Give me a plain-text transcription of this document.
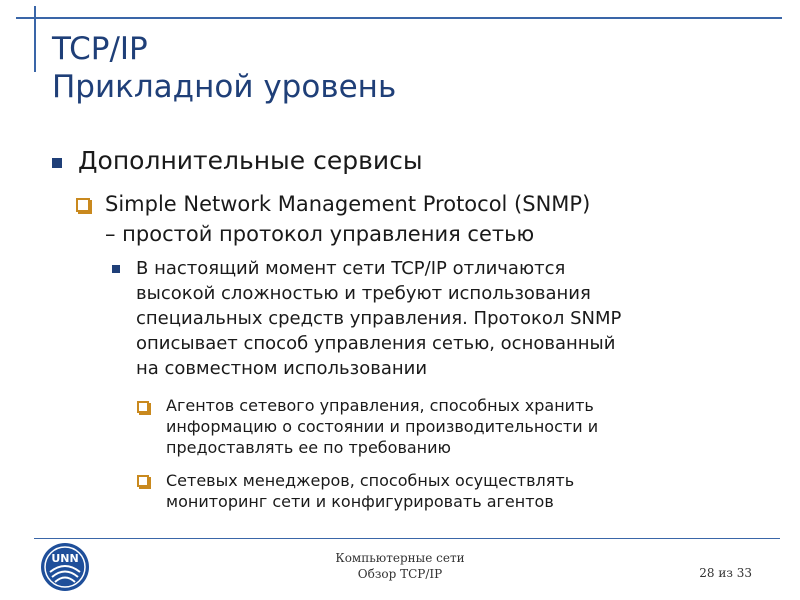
TCP/IP
Прикладной уровень
Дополнительные сервисы
Simple Network Management Protocol (SNMP)
– простой протокол управления сетью
В настоящий момент сети TCP/IP отличаются
высокой сложностью и требуют использования
специальных средств управления. Протокол SNMP
описывает способ управления сетью, основанный
на совместном использовании
Агентов сетевого управления, способных хранить
информацию о состоянии и производительности и
предоставлять ее по требованию
Сетевых менеджеров, способных осуществлять
мониторинг сети и конфигурировать агентов
UNN	Компьютерные сети
Обзор TCP/IP	28 из 33
